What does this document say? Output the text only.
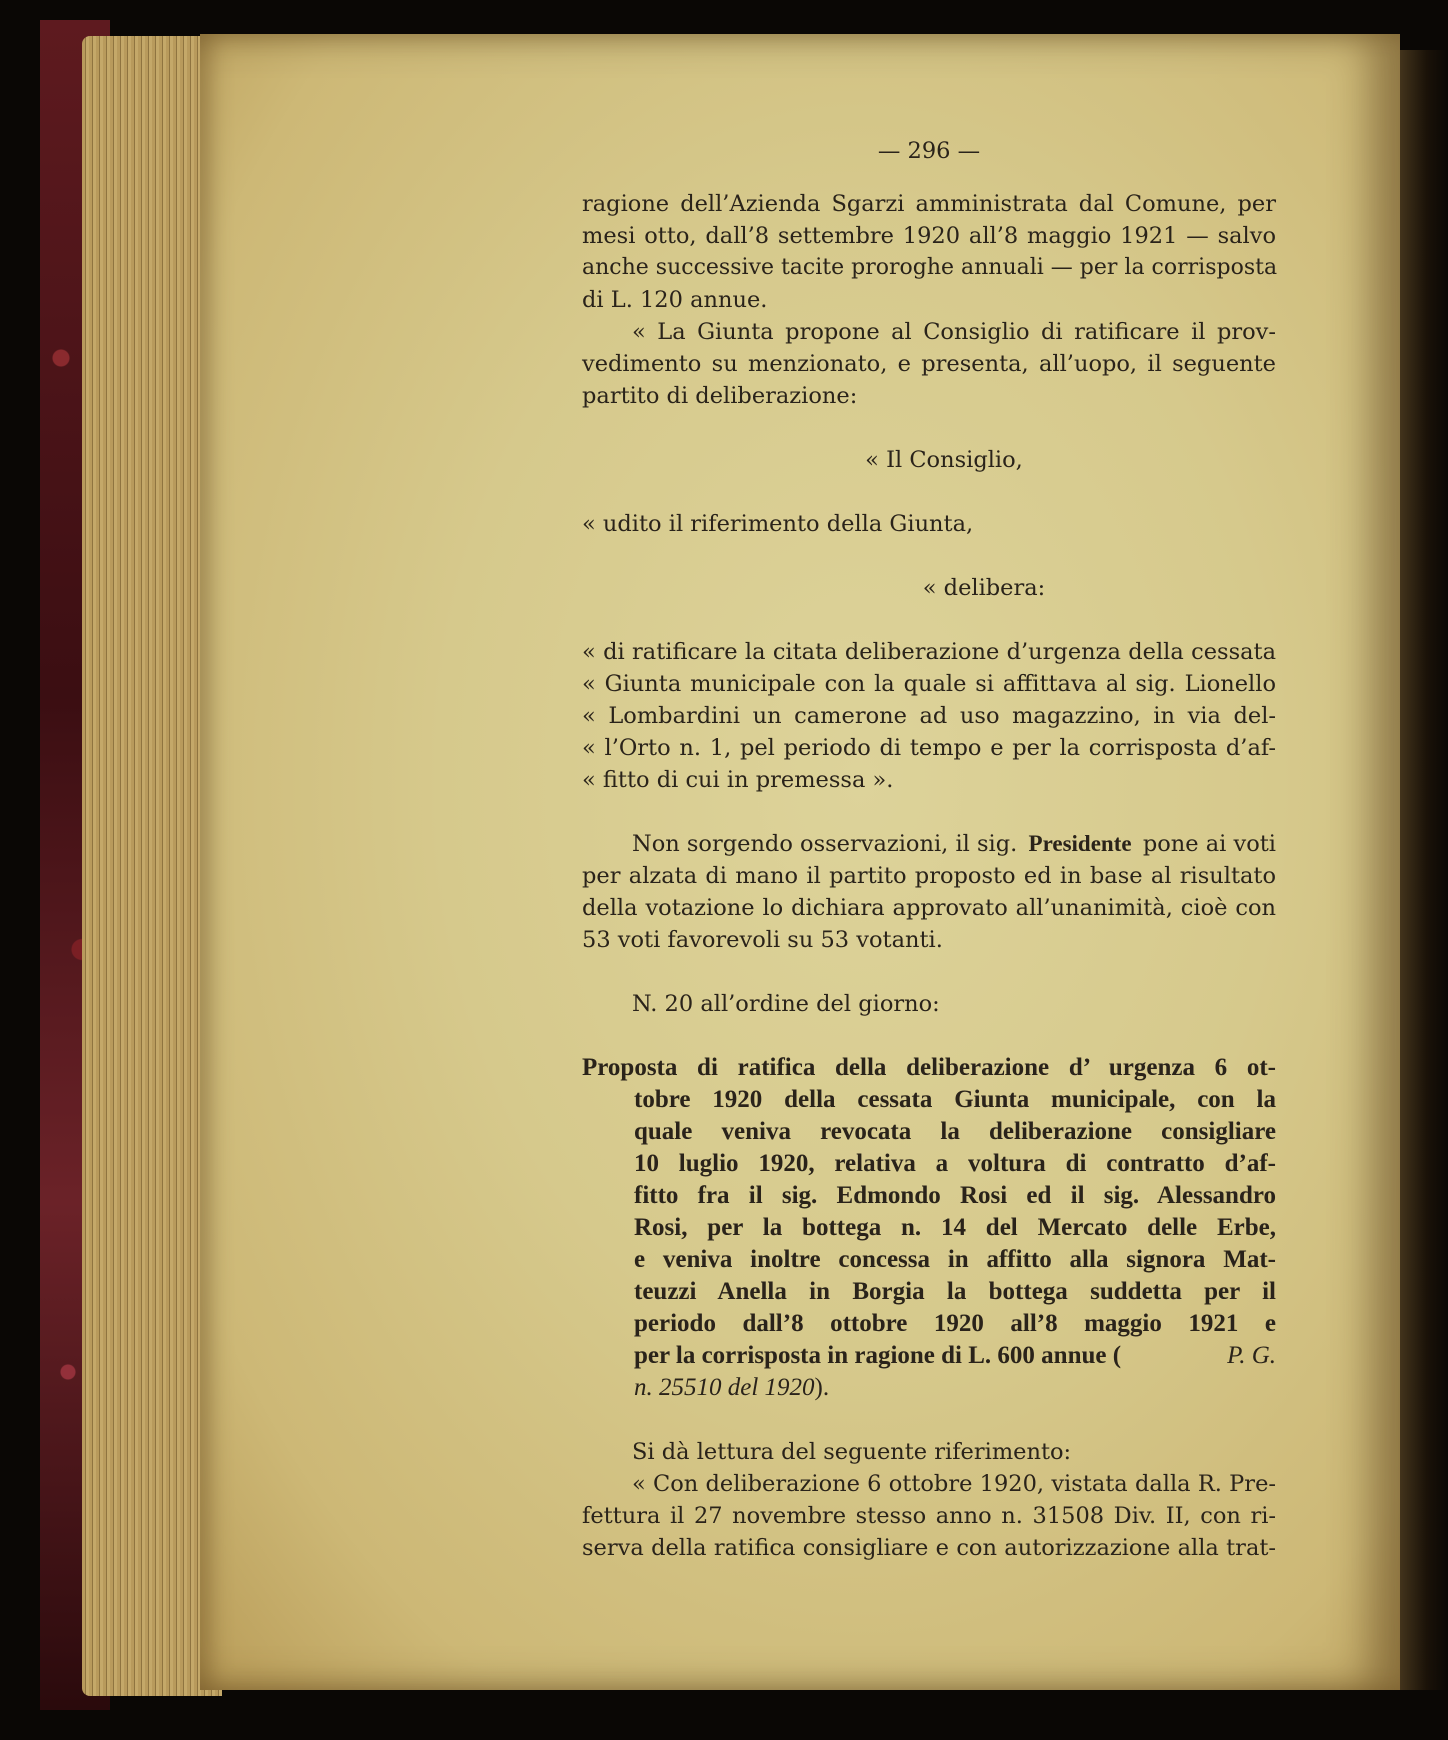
— 296 —
ragione dell’Azienda Sgarzi amministrata dal Comune, per
mesi otto, dall’8 settembre 1920 all’8 maggio 1921 — salvo
anche successive tacite proroghe annuali — per la corrisposta
di L. 120 annue.
« La Giunta propone al Consiglio di ratificare il prov-
vedimento su menzionato, e presenta, all’uopo, il seguente
partito di deliberazione:
« Il Consiglio,
« udito il riferimento della Giunta,
« delibera:
« di ratificare la citata deliberazione d’urgenza della cessata
« Giunta municipale con la quale si affittava al sig. Lionello
« Lombardini un camerone ad uso magazzino, in via del-
« l’Orto n. 1, pel periodo di tempo e per la corrisposta d’af-
« fitto di cui in premessa ».
Non sorgendo osservazioni, il sig. Presidente pone ai voti
per alzata di mano il partito proposto ed in base al risultato
della votazione lo dichiara approvato all’unanimità, cioè con
53 voti favorevoli su 53 votanti.
N. 20 all’ordine del giorno:
Proposta di ratifica della deliberazione d’ urgenza 6 ot-
tobre 1920 della cessata Giunta municipale, con la
quale veniva revocata la deliberazione consigliare
10 luglio 1920, relativa a voltura di contratto d’af-
fitto fra il sig. Edmondo Rosi ed il sig. Alessandro
Rosi, per la bottega n. 14 del Mercato delle Erbe,
e veniva inoltre concessa in affitto alla signora Mat-
teuzzi Anella in Borgia la bottega suddetta per il
periodo dall’8 ottobre 1920 all’8 maggio 1921 e
per la corrisposta in ragione di L. 600 annue (	P. G.
n. 25510 del 1920).
Si dà lettura del seguente riferimento:
« Con deliberazione 6 ottobre 1920, vistata dalla R. Pre-
fettura il 27 novembre stesso anno n. 31508 Div. II, con ri-
serva della ratifica consigliare e con autorizzazione alla trat-
